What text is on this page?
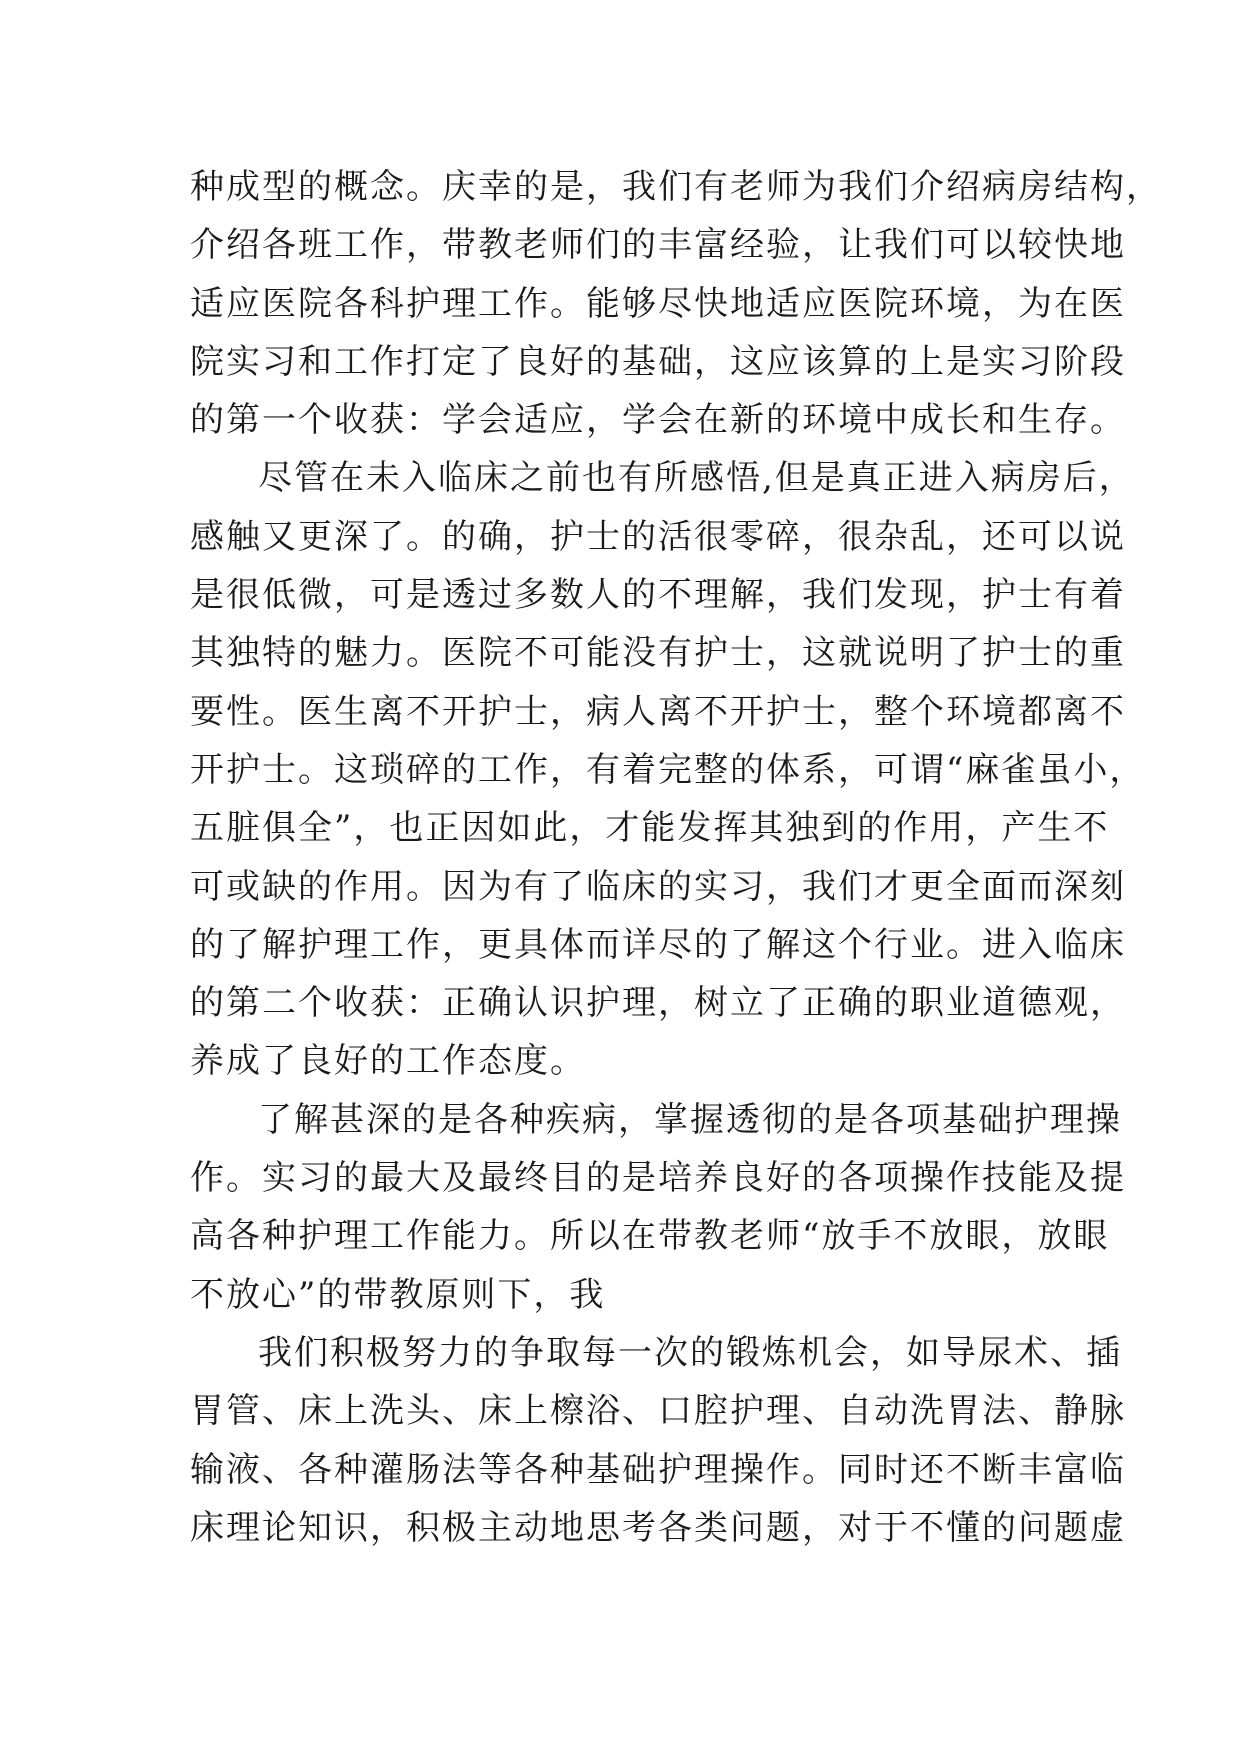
种成型的概念。庆幸的是，我们有老师为我们介绍病房结构，
介绍各班工作，带教老师们的丰富经验，让我们可以较快地
适应医院各科护理工作。能够尽快地适应医院环境，为在医
院实习和工作打定了良好的基础，这应该算的上是实习阶段
的第一个收获：学会适应，学会在新的环境中成长和生存。
尽管在未入临床之前也有所感悟,但是真正进入病房后，
感触又更深了。的确，护士的活很零碎，很杂乱，还可以说
是很低微，可是透过多数人的不理解，我们发现，护士有着
其独特的魅力。医院不可能没有护士，这就说明了护士的重
要性。医生离不开护士，病人离不开护士，整个环境都离不
开护士。这琐碎的工作，有着完整的体系，可谓“麻雀虽小，
五脏俱全”，也正因如此，才能发挥其独到的作用，产生不
可或缺的作用。因为有了临床的实习，我们才更全面而深刻
的了解护理工作，更具体而详尽的了解这个行业。进入临床
的第二个收获：正确认识护理，树立了正确的职业道德观，
养成了良好的工作态度。
了解甚深的是各种疾病，掌握透彻的是各项基础护理操
作。实习的最大及最终目的是培养良好的各项操作技能及提
高各种护理工作能力。所以在带教老师“放手不放眼，放眼
不放心”的带教原则下，我
我们积极努力的争取每一次的锻炼机会，如导尿术、插
胃管、床上洗头、床上檫浴、口腔护理、自动洗胃法、静脉
输液、各种灌肠法等各种基础护理操作。同时还不断丰富临
床理论知识，积极主动地思考各类问题，对于不懂的问题虚
